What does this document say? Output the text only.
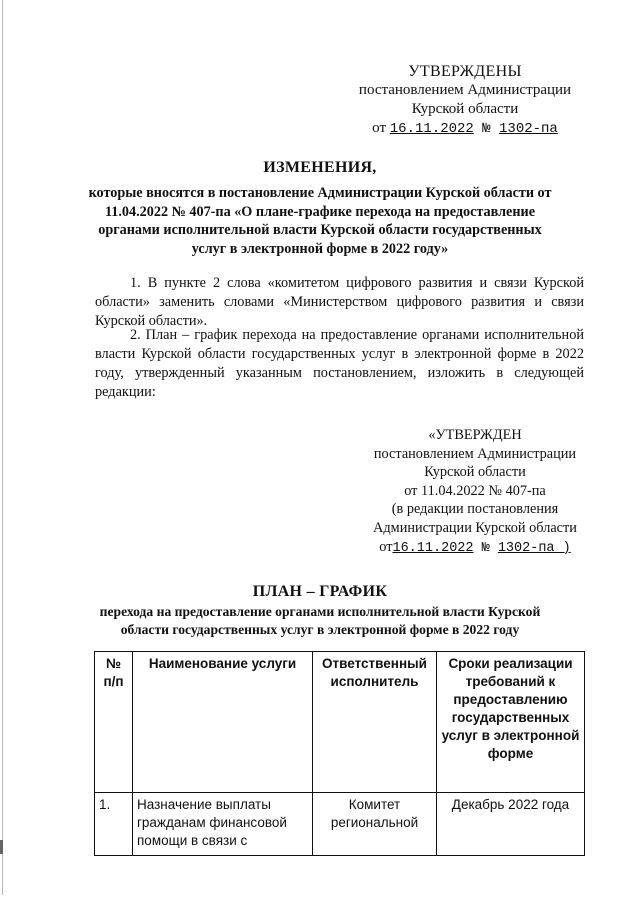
УТВЕРЖДЕНЫ
постановлением Администрации
Курской области
от 16.11.2022 № 1302-па
ИЗМЕНЕНИЯ,
которые вносятся в постановление Администрации Курской области от 11.04.2022 № 407-па «О плане-графике перехода на предоставление органами исполнительной власти Курской области государственных услуг в электронной форме в 2022 году»

1. В пункте 2 слова «комитетом цифрового развития и связи Курской области» заменить словами «Министерством цифрового развития и связи Курской области».

2. План – график перехода на предоставление органами исполнительной власти Курской области государственных услуг в электронной форме в 2022 году, утвержденный указанным постановлением, изложить в следующей редакции:

«УТВЕРЖДЕН
постановлением Администрации
Курской области
от 11.04.2022 № 407-па
(в редакции постановления
Администрации Курской области
от16.11.2022 № 1302-па )
ПЛАН – ГРАФИК
перехода на предоставление органами исполнительной власти Курской области государственных услуг в электронной форме в 2022 году
№ п/п	Наименование услуги	Ответственный исполнитель	Сроки реализации требований к предоставлению государственных услуг в электронной форме
1.	Назначение выплаты гражданам финансовой помощи в связи с	Комитет региональной	Декабрь 2022 года
